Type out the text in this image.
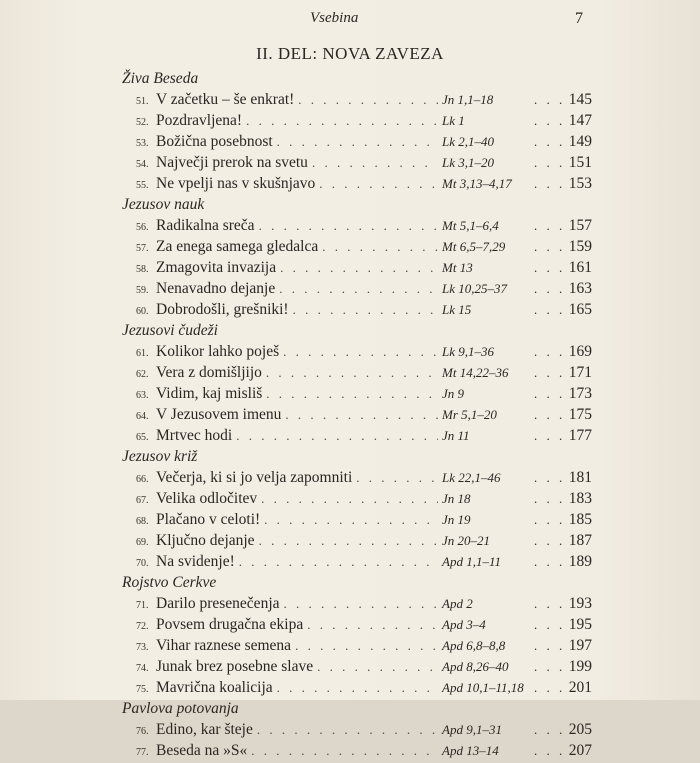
Vsebina	7
II. DEL: NOVA ZAVEZA
Živa Beseda
51. V začetku – še enkrat! . . .	Jn 1,1–18 . . .	145
52. Pozdravljena! . . .	Lk 1 . . .	147
53. Božična posebnost . . .	Lk 2,1–40 . . .	149
54. Največji prerok na svetu . . .	Lk 3,1–20 . . .	151
55. Ne vpelji nas v skušnjavo . . .	Mt 3,13–4,17 . . .	153
Jezusov nauk
56. Radikalna sreča . . .	Mt 5,1–6,4 . . .	157
57. Za enega samega gledalca . . .	Mt 6,5–7,29 . . .	159
58. Zmagovita invazija . . .	Mt 13 . . .	161
59. Nenavadno dejanje . . .	Lk 10,25–37 . . .	163
60. Dobrodošli, grešniki! . . .	Lk 15 . . .	165
Jezusovi čudeži
61. Kolikor lahko poješ . . .	Lk 9,1–36 . . .	169
62. Vera z domišljijo . . .	Mt 14,22–36 . . .	171
63. Vidim, kaj misliš . . .	Jn 9 . . .	173
64. V Jezusovem imenu . . .	Mr 5,1–20 . . .	175
65. Mrtvec hodi . . .	Jn 11 . . .	177
Jezusov križ
66. Večerja, ki si jo velja zapomniti . . .	Lk 22,1–46 . . .	181
67. Velika odločitev . . .	Jn 18 . . .	183
68. Plačano v celoti! . . .	Jn 19 . . .	185
69. Ključno dejanje . . .	Jn 20–21 . . .	187
70. Na svidenje! . . .	Apd 1,1–11 . . .	189
Rojstvo Cerkve
71. Darilo presenečenja . . .	Apd 2 . . .	193
72. Povsem drugačna ekipa . . .	Apd 3–4 . . .	195
73. Vihar raznese semena . . .	Apd 6,8–8,8 . . .	197
74. Junak brez posebne slave . . .	Apd 8,26–40 . . .	199
75. Mavrična koalicija . . .	Apd 10,1–11,18 . . .	201
Pavlova potovanja
76. Edino, kar šteje . . .	Apd 9,1–31 . . .	205
77. Beseda na »S« . . .	Apd 13–14 . . .	207
